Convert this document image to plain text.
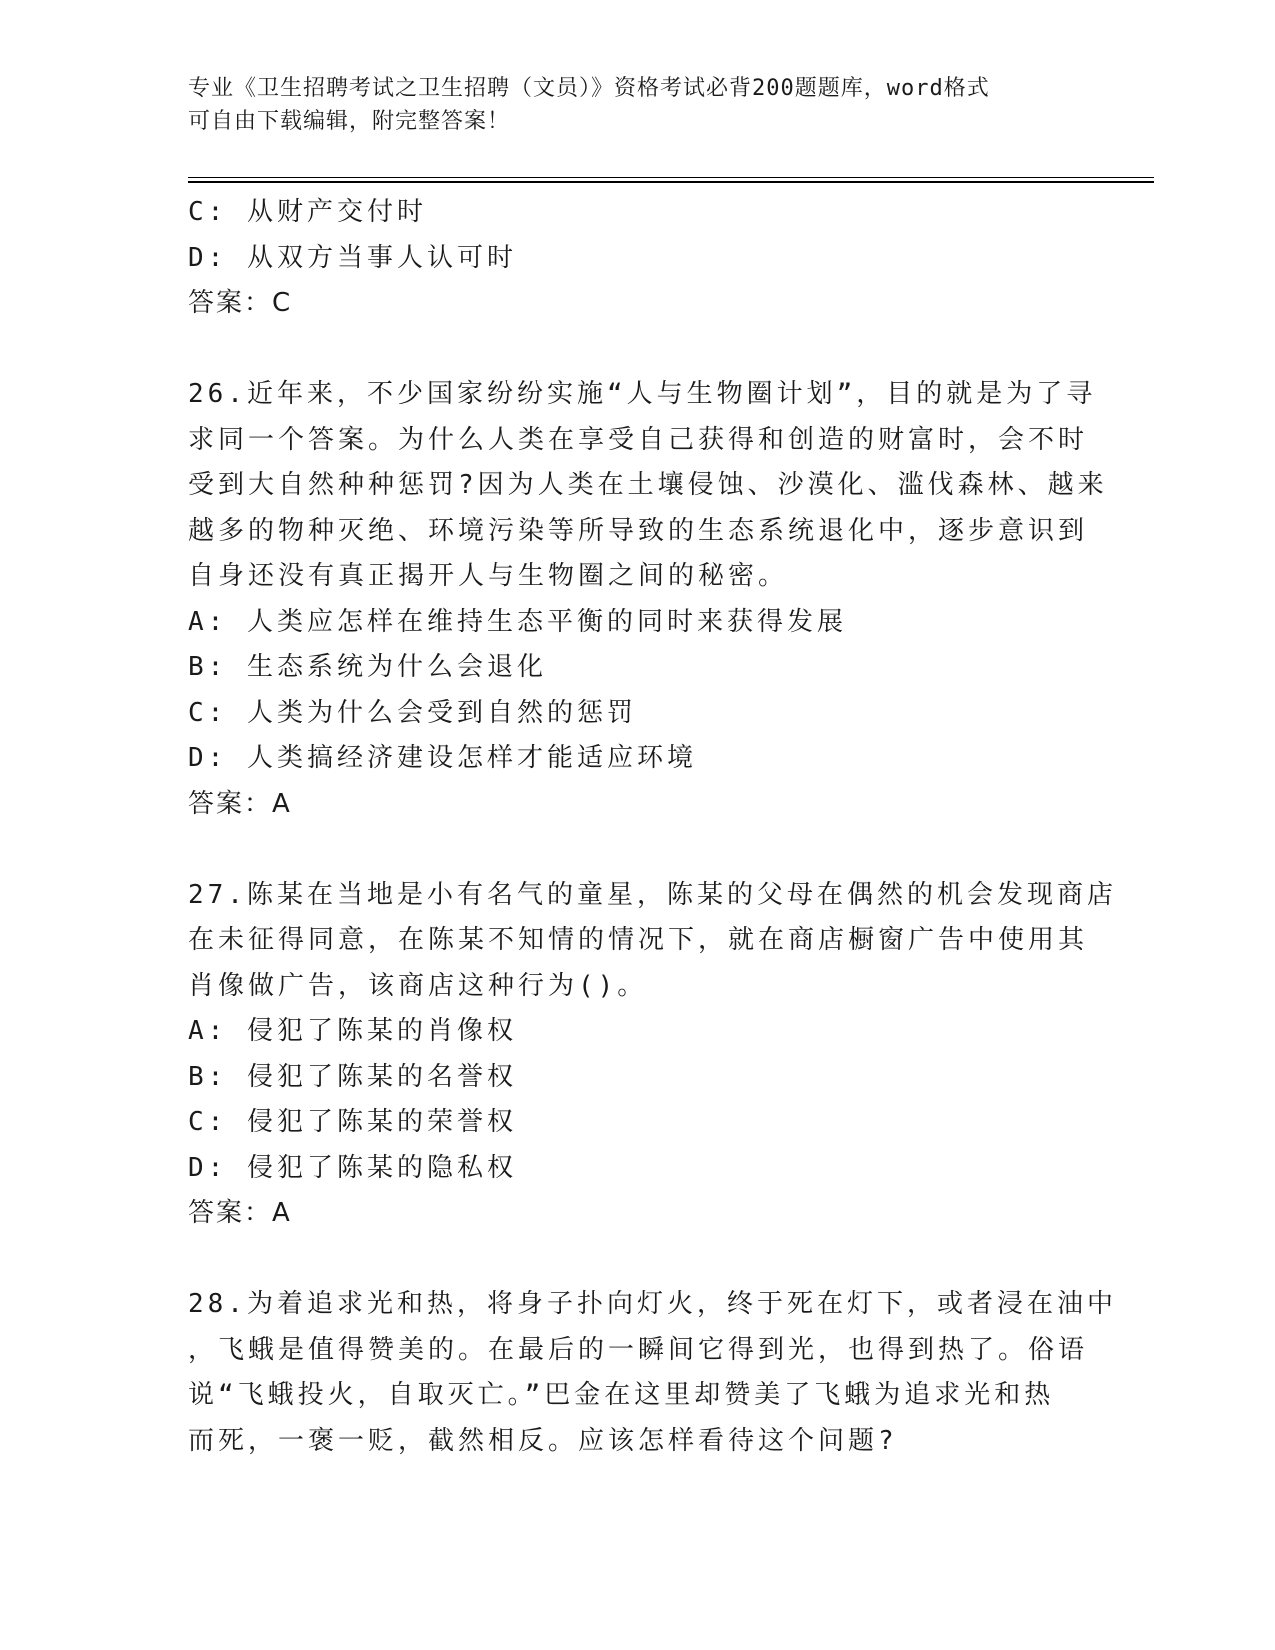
专业《卫生招聘考试之卫生招聘（文员）》资格考试必背200题题库，word格式
可自由下载编辑，附完整答案！
C: 从财产交付时
D: 从双方当事人认可时
答案：C
26.近年来，不少国家纷纷实施“人与生物圈计划”，目的就是为了寻
求同一个答案。为什么人类在享受自己获得和创造的财富时，会不时
受到大自然种种惩罚?因为人类在土壤侵蚀、沙漠化、滥伐森林、越来
越多的物种灭绝、环境污染等所导致的生态系统退化中，逐步意识到
自身还没有真正揭开人与生物圈之间的秘密。
A: 人类应怎样在维持生态平衡的同时来获得发展
B: 生态系统为什么会退化
C: 人类为什么会受到自然的惩罚
D: 人类搞经济建设怎样才能适应环境
答案：A
27.陈某在当地是小有名气的童星，陈某的父母在偶然的机会发现商店
在未征得同意，在陈某不知情的情况下，就在商店橱窗广告中使用其
肖像做广告，该商店这种行为()。
A: 侵犯了陈某的肖像权
B: 侵犯了陈某的名誉权
C: 侵犯了陈某的荣誉权
D: 侵犯了陈某的隐私权
答案：A
28.为着追求光和热，将身子扑向灯火，终于死在灯下，或者浸在油中
，飞蛾是值得赞美的。在最后的一瞬间它得到光，也得到热了。俗语
说“飞蛾投火，自取灭亡。”巴金在这里却赞美了飞蛾为追求光和热
而死，一褒一贬，截然相反。应该怎样看待这个问题?
